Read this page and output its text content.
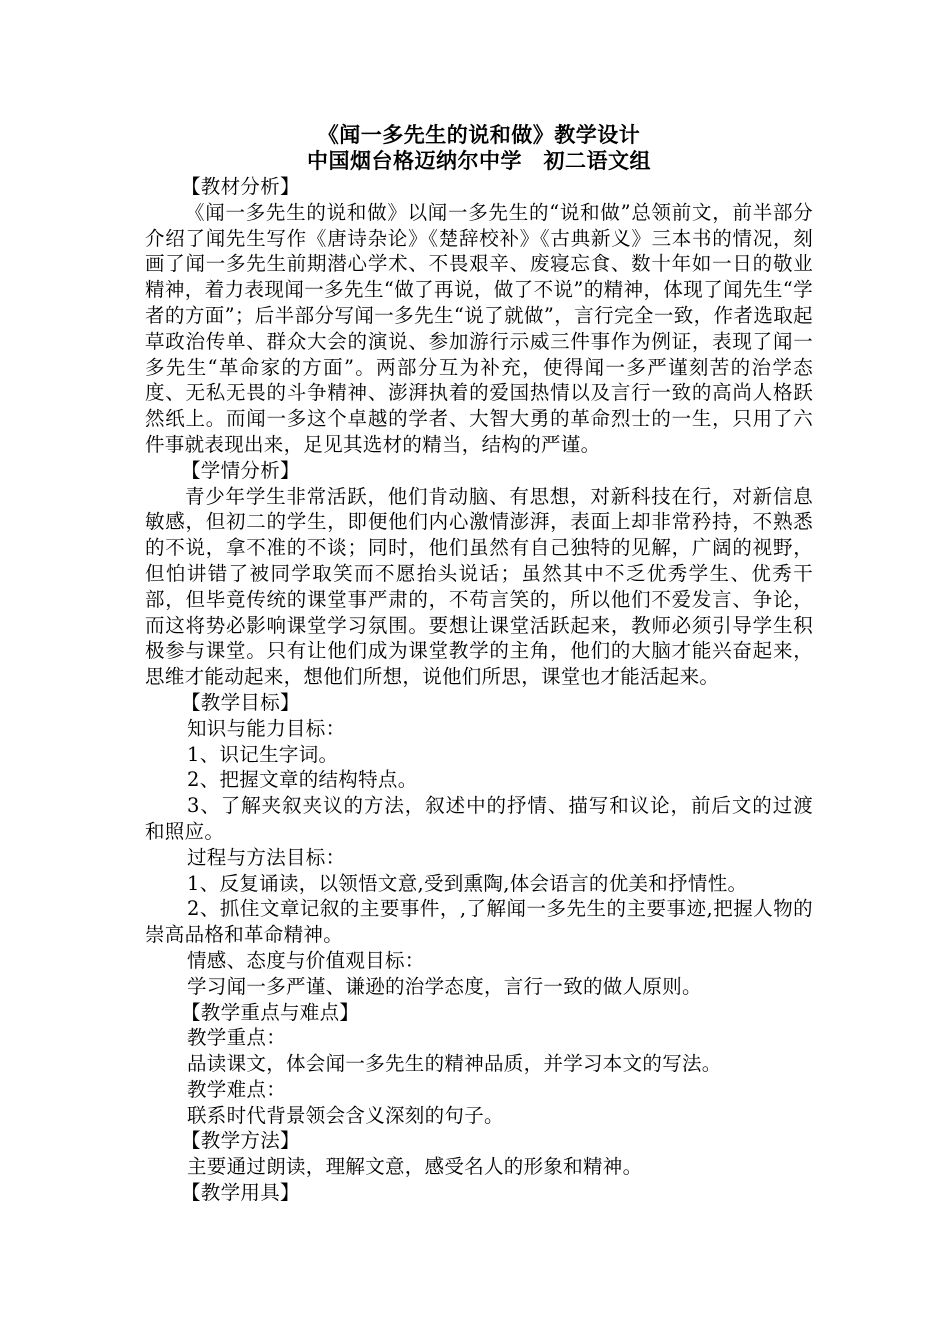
《闻一多先生的说和做》教学设计

中国烟台格迈纳尔中学　初二语文组

【教材分析】

《闻一多先生的说和做》以闻一多先生的“说和做”总领前文，前半部分介绍了闻先生写作《唐诗杂论》《楚辞校补》《古典新义》三本书的情况，刻画了闻一多先生前期潜心学术、不畏艰辛、废寝忘食、数十年如一日的敬业精神，着力表现闻一多先生“做了再说，做了不说”的精神，体现了闻先生“学者的方面”；后半部分写闻一多先生“说了就做”，言行完全一致，作者选取起草政治传单、群众大会的演说、参加游行示威三件事作为例证，表现了闻一多先生“革命家的方面”。两部分互为补充，使得闻一多严谨刻苦的治学态度、无私无畏的斗争精神、澎湃执着的爱国热情以及言行一致的高尚人格跃然纸上。而闻一多这个卓越的学者、大智大勇的革命烈士的一生，只用了六件事就表现出来，足见其选材的精当，结构的严谨。

【学情分析】

青少年学生非常活跃，他们肯动脑、有思想，对新科技在行，对新信息敏感，但初二的学生，即便他们内心激情澎湃，表面上却非常矜持，不熟悉的不说，拿不准的不谈；同时，他们虽然有自己独特的见解，广阔的视野，但怕讲错了被同学取笑而不愿抬头说话；虽然其中不乏优秀学生、优秀干部，但毕竟传统的课堂事严肃的，不苟言笑的，所以他们不爱发言、争论，而这将势必影响课堂学习氛围。要想让课堂活跃起来，教师必须引导学生积极参与课堂。只有让他们成为课堂教学的主角，他们的大脑才能兴奋起来，思维才能动起来，想他们所想，说他们所思，课堂也才能活起来。

【教学目标】

知识与能力目标：

1、识记生字词。

2、把握文章的结构特点。

3、了解夹叙夹议的方法，叙述中的抒情、描写和议论，前后文的过渡和照应。

过程与方法目标：

1、反复诵读，以领悟文意,受到熏陶,体会语言的优美和抒情性。

2、抓住文章记叙的主要事件，,了解闻一多先生的主要事迹,把握人物的崇高品格和革命精神。

情感、态度与价值观目标：

学习闻一多严谨、谦逊的治学态度，言行一致的做人原则。

【教学重点与难点】

教学重点：

品读课文，体会闻一多先生的精神品质，并学习本文的写法。

教学难点：

联系时代背景领会含义深刻的句子。

【教学方法】

主要通过朗读，理解文意，感受名人的形象和精神。

【教学用具】
